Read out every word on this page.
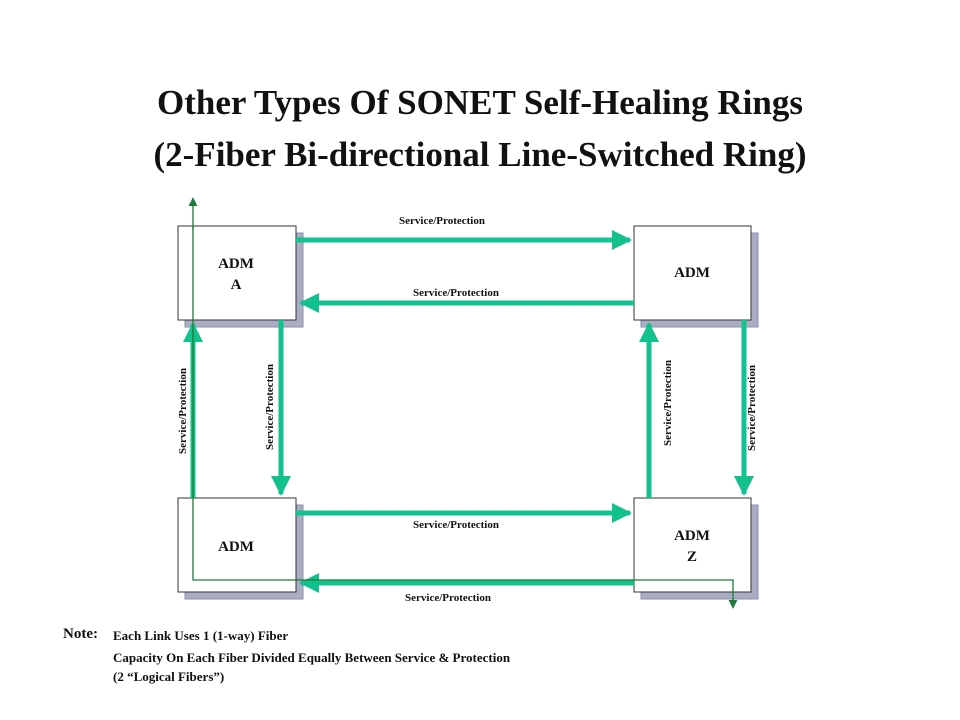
Other Types Of SONET Self-Healing Rings
(2-Fiber Bi-directional Line-Switched Ring)
ADM
A
ADM
ADM
ADM
Z
Service/Protection
Service/Protection
Service/Protection
Service/Protection
Service/Protection	Service/Protection	Service/Protection	Service/Protection
Note: Each Link Uses 1 (1-way) Fiber
Capacity On Each Fiber Divided Equally Between Service & Protection
(2 “Logical Fibers”)
